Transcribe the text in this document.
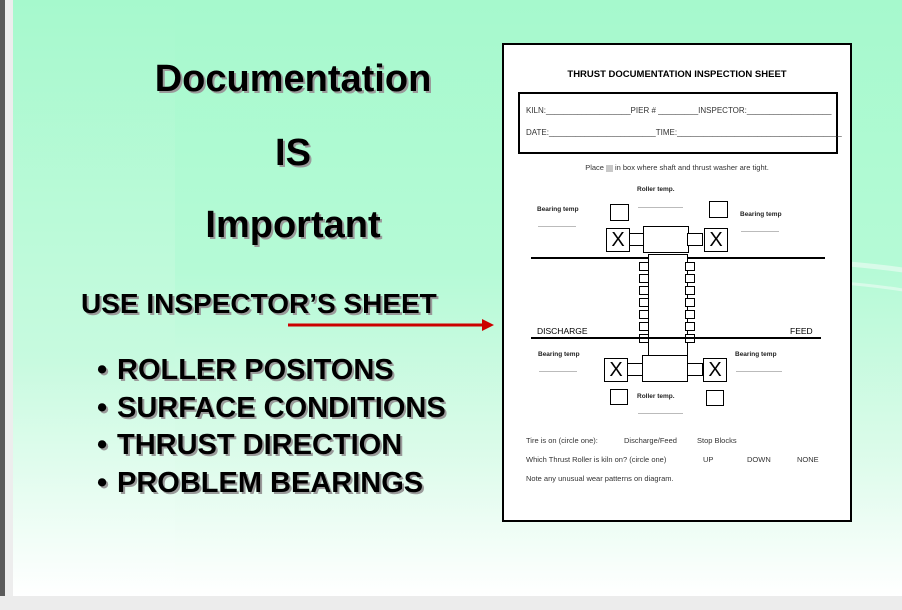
Documentation
IS
Important
USE INSPECTOR’S SHEET
• ROLLER POSITONS
• SURFACE CONDITIONS
• THRUST DIRECTION
• PROBLEM BEARINGS
THRUST DOCUMENTATION INSPECTION SHEET
KILN:___________________PIER # _________INSPECTOR:___________________
DATE:________________________TIME:_____________________________________
Place in box where shaft and thrust washer are tight.
Roller temp.
Bearing temp
Bearing temp
X	X
DISCHARGE	FEED
Bearing temp	Bearing temp
X	X
Roller temp.
Tire is on (circle one):	Discharge/Feed	Stop Blocks
Which Thrust Roller is kiln on? (circle one)	UP	DOWN	NONE
Note any unusual wear patterns on diagram.
